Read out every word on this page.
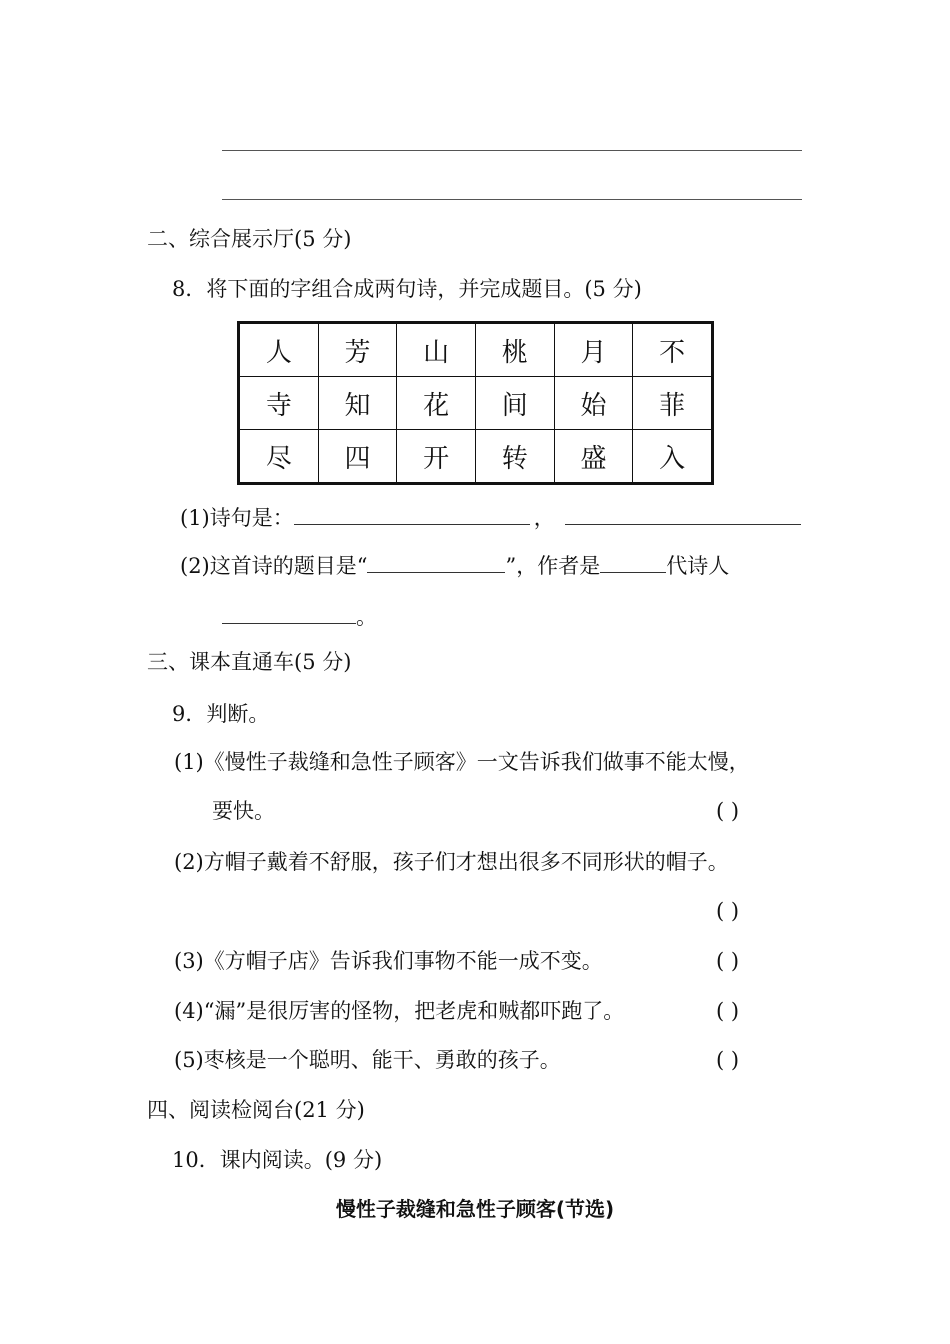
二、综合展示厅(5 分)
8．将下面的字组合成两句诗，并完成题目。(5 分)
人	芳	山	桃	月	不
寺	知	花	间	始	菲
尽	四	开	转	盛	入
(1)诗句是：	，
(2)这首诗的题目是“	”，作者是	代诗人
。
三、课本直通车(5 分)
9．判断。
(1)《慢性子裁缝和急性子顾客》一文告诉我们做事不能太慢，
要快。	( )
(2)方帽子戴着不舒服，孩子们才想出很多不同形状的帽子。
( )
(3)《方帽子店》告诉我们事物不能一成不变。	( )
(4)“漏”是很厉害的怪物，把老虎和贼都吓跑了。	( )
(5)枣核是一个聪明、能干、勇敢的孩子。	( )
四、阅读检阅台(21 分)
10．课内阅读。(9 分)
慢性子裁缝和急性子顾客(节选)
